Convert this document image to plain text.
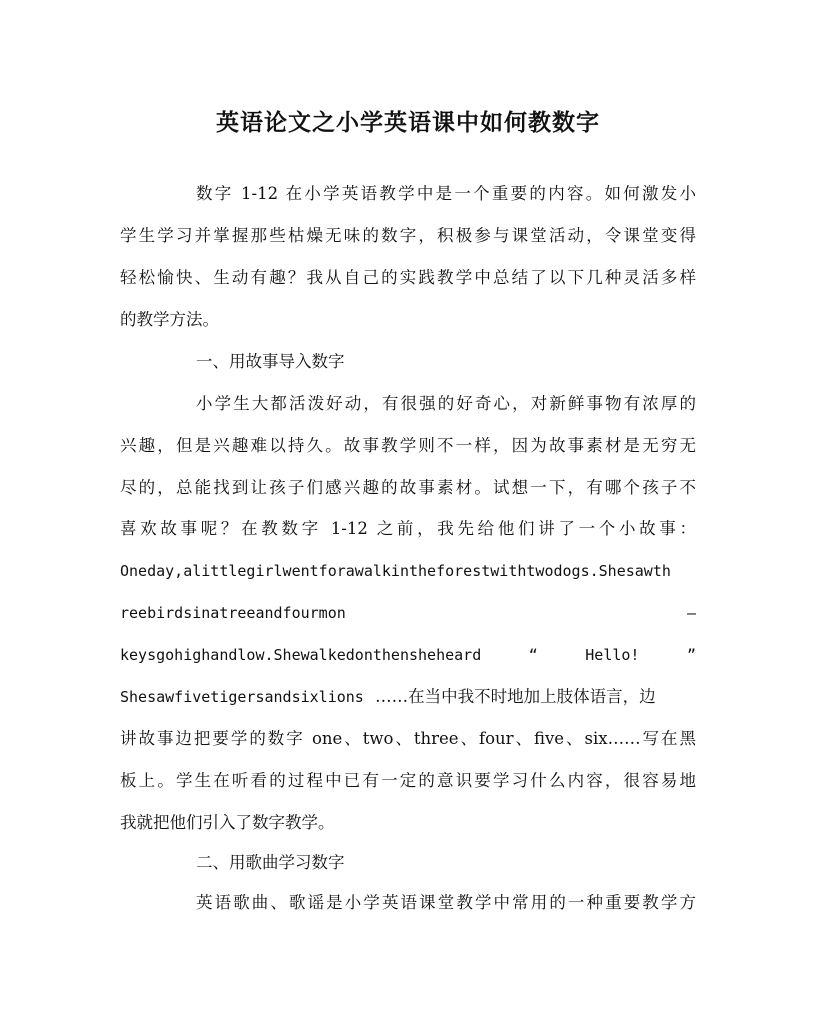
英语论文之小学英语课中如何教数字
数字 1-12 在小学英语教学中是一个重要的内容。如何激发小
学生学习并掌握那些枯燥无味的数字，积极参与课堂活动，令课堂变得
轻松愉快、生动有趣？我从自己的实践教学中总结了以下几种灵活多样
的教学方法。
一、用故事导入数字
小学生大都活泼好动，有很强的好奇心，对新鲜事物有浓厚的
兴趣，但是兴趣难以持久。故事教学则不一样，因为故事素材是无穷无
尽的，总能找到让孩子们感兴趣的故事素材。试想一下，有哪个孩子不
喜欢故事呢？在教数字 1-12 之前，我先给他们讲了一个小故事：
Oneday,alittlegirlwentforawalkintheforestwithtwodogs.Shesawth
reebirdsinatreeandfourmon	—
keysgohighandlow.Shewalkedonthensheheard	“	Hello!	”
Shesawfivetigersandsixlions ……在当中我不时地加上肢体语言，边
讲故事边把要学的数字 one、two、three、four、five、six……写在黑
板上。学生在听看的过程中已有一定的意识要学习什么内容，很容易地
我就把他们引入了数字教学。
二、用歌曲学习数字
英语歌曲、歌谣是小学英语课堂教学中常用的一种重要教学方
